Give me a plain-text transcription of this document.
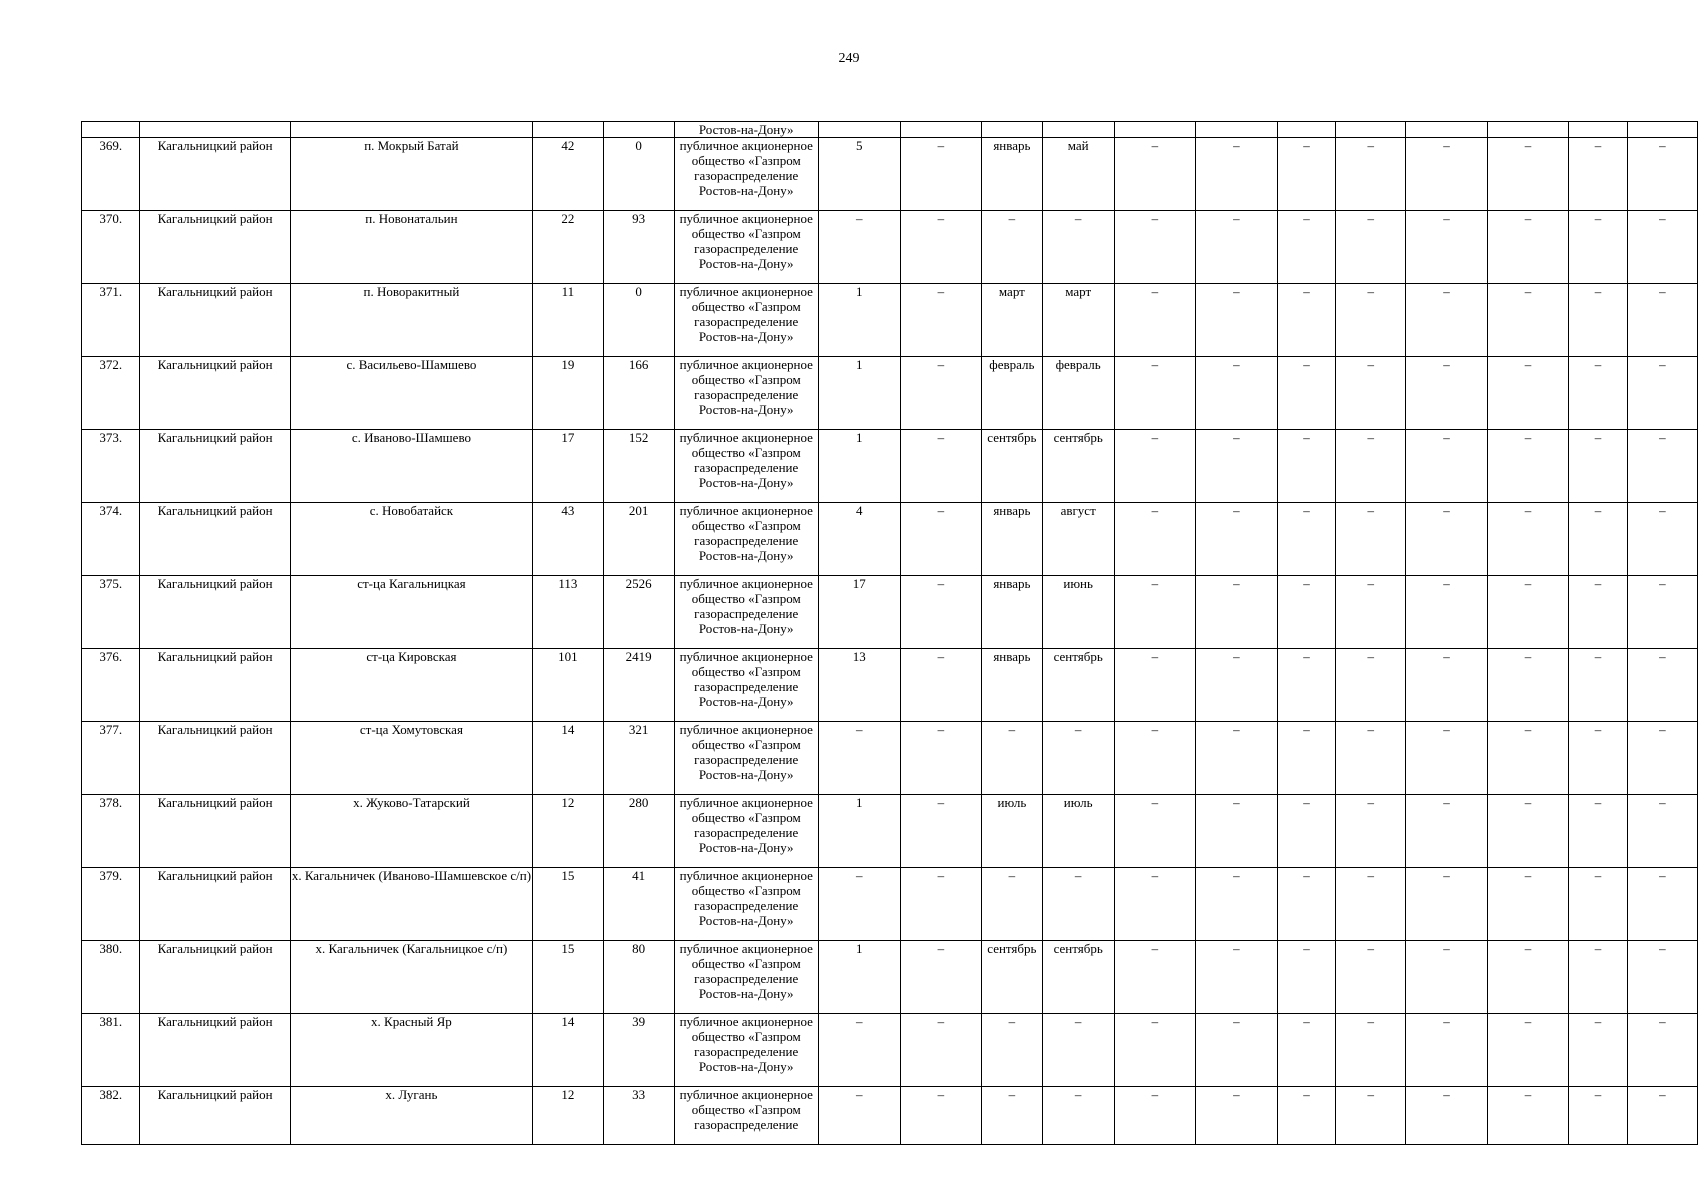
249
					Ростов-на-Дону»												
369.	Кагальницкий район	п. Мокрый Батай	42	0	публичное акционерное общество «Газпром газораспределение Ростов-на-Дону»	5	–	январь	май	–	–	–	–	–	–	–	–
370.	Кагальницкий район	п. Новонатальин	22	93	публичное акционерное общество «Газпром газораспределение Ростов-на-Дону»	–	–	–	–	–	–	–	–	–	–	–	–
371.	Кагальницкий район	п. Новоракитный	11	0	публичное акционерное общество «Газпром газораспределение Ростов-на-Дону»	1	–	март	март	–	–	–	–	–	–	–	–
372.	Кагальницкий район	с. Васильево-Шамшево	19	166	публичное акционерное общество «Газпром газораспределение Ростов-на-Дону»	1	–	февраль	февраль	–	–	–	–	–	–	–	–
373.	Кагальницкий район	с. Иваново-Шамшево	17	152	публичное акционерное общество «Газпром газораспределение Ростов-на-Дону»	1	–	сентябрь	сентябрь	–	–	–	–	–	–	–	–
374.	Кагальницкий район	с. Новобатайск	43	201	публичное акционерное общество «Газпром газораспределение Ростов-на-Дону»	4	–	январь	август	–	–	–	–	–	–	–	–
375.	Кагальницкий район	ст-ца Кагальницкая	113	2526	публичное акционерное общество «Газпром газораспределение Ростов-на-Дону»	17	–	январь	июнь	–	–	–	–	–	–	–	–
376.	Кагальницкий район	ст-ца Кировская	101	2419	публичное акционерное общество «Газпром газораспределение Ростов-на-Дону»	13	–	январь	сентябрь	–	–	–	–	–	–	–	–
377.	Кагальницкий район	ст-ца Хомутовская	14	321	публичное акционерное общество «Газпром газораспределение Ростов-на-Дону»	–	–	–	–	–	–	–	–	–	–	–	–
378.	Кагальницкий район	х. Жуково-Татарский	12	280	публичное акционерное общество «Газпром газораспределение Ростов-на-Дону»	1	–	июль	июль	–	–	–	–	–	–	–	–
379.	Кагальницкий район	х. Кагальничек (Иваново-Шамшевское с/п)	15	41	публичное акционерное общество «Газпром газораспределение Ростов-на-Дону»	–	–	–	–	–	–	–	–	–	–	–	–
380.	Кагальницкий район	х. Кагальничек (Кагальницкое с/п)	15	80	публичное акционерное общество «Газпром газораспределение Ростов-на-Дону»	1	–	сентябрь	сентябрь	–	–	–	–	–	–	–	–
381.	Кагальницкий район	х. Красный Яр	14	39	публичное акционерное общество «Газпром газораспределение Ростов-на-Дону»	–	–	–	–	–	–	–	–	–	–	–	–
382.	Кагальницкий район	х. Лугань	12	33	публичное акционерное общество «Газпром газораспределение	–	–	–	–	–	–	–	–	–	–	–	–
